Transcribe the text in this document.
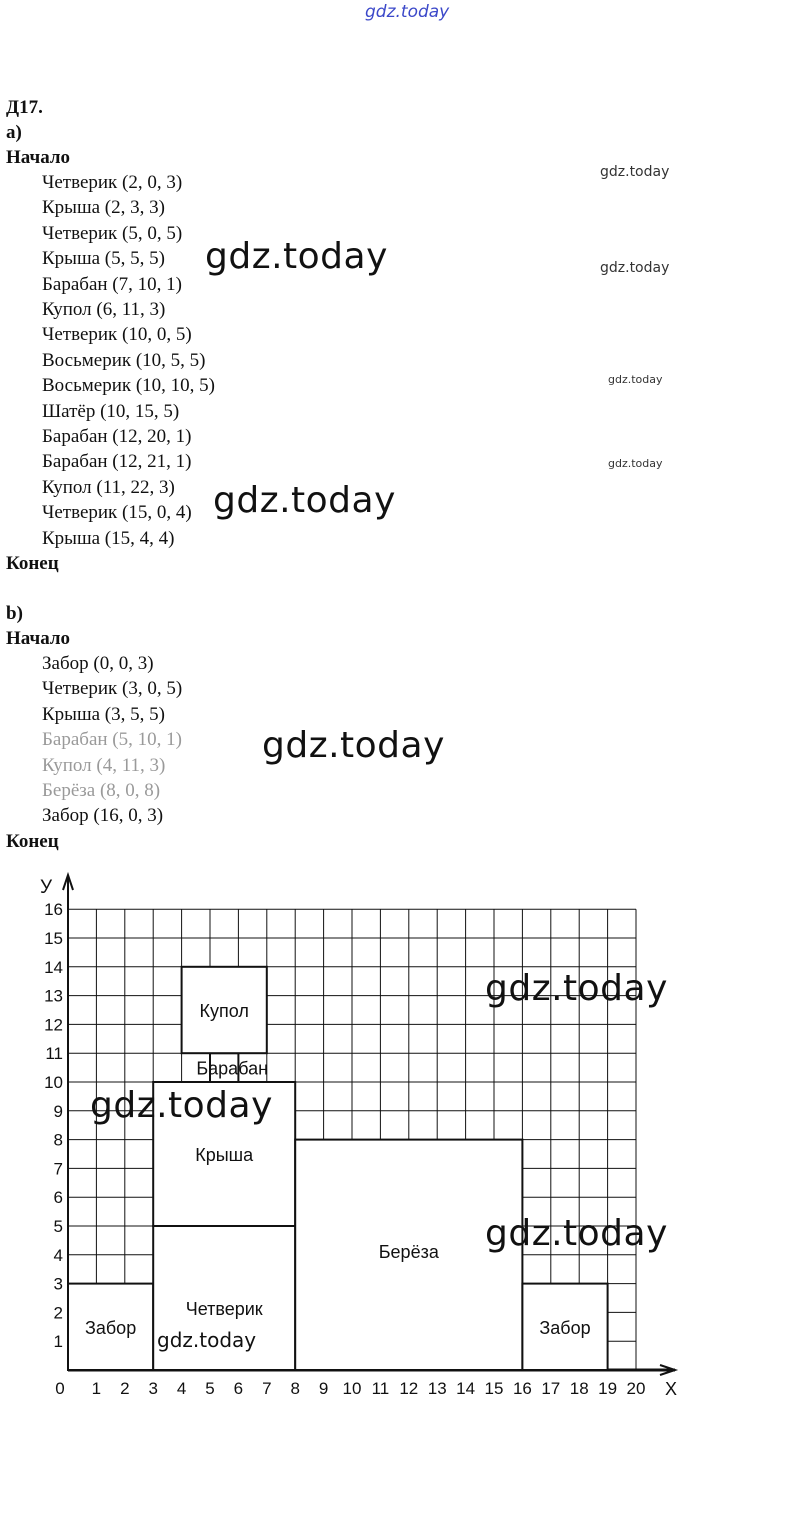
gdz.today
Д17.
a)
Начало
Четверик (2, 0, 3)
Крыша (2, 3, 3)
Четверик (5, 0, 5)
Крыша (5, 5, 5)
Барабан (7, 10, 1)
Купол (6, 11, 3)
Четверик (10, 0, 5)
Восьмерик (10, 5, 5)
Восьмерик (10, 10, 5)
Шатёр (10, 15, 5)
Барабан (12, 20, 1)
Барабан (12, 21, 1)
Купол (11, 22, 3)
Четверик (15, 0, 4)
Крыша (15, 4, 4)
Конец
b)
Начало
Забор (0, 0, 3)
Четверик (3, 0, 5)
Крыша (3, 5, 5)
Барабан (5, 10, 1)
Купол (4, 11, 3)
Берёза (8, 0, 8)
Забор (16, 0, 3)
Конец
gdz.today
gdz.today
gdz.today
gdz.today
gdz.today
gdz.today
gdz.today
У
X
1
2
3
4
5
6
7
8
9
10
11
12
13
14
15
16
0 1 2 3 4 5 6 7 8 9 10 11 12 13 14 15 16 17 18 19 20
Забор
Четверик
Крыша
Барабан
Купол
Берёза
Забор
gdz.today
gdz.today
gdz.today
gdz.today
